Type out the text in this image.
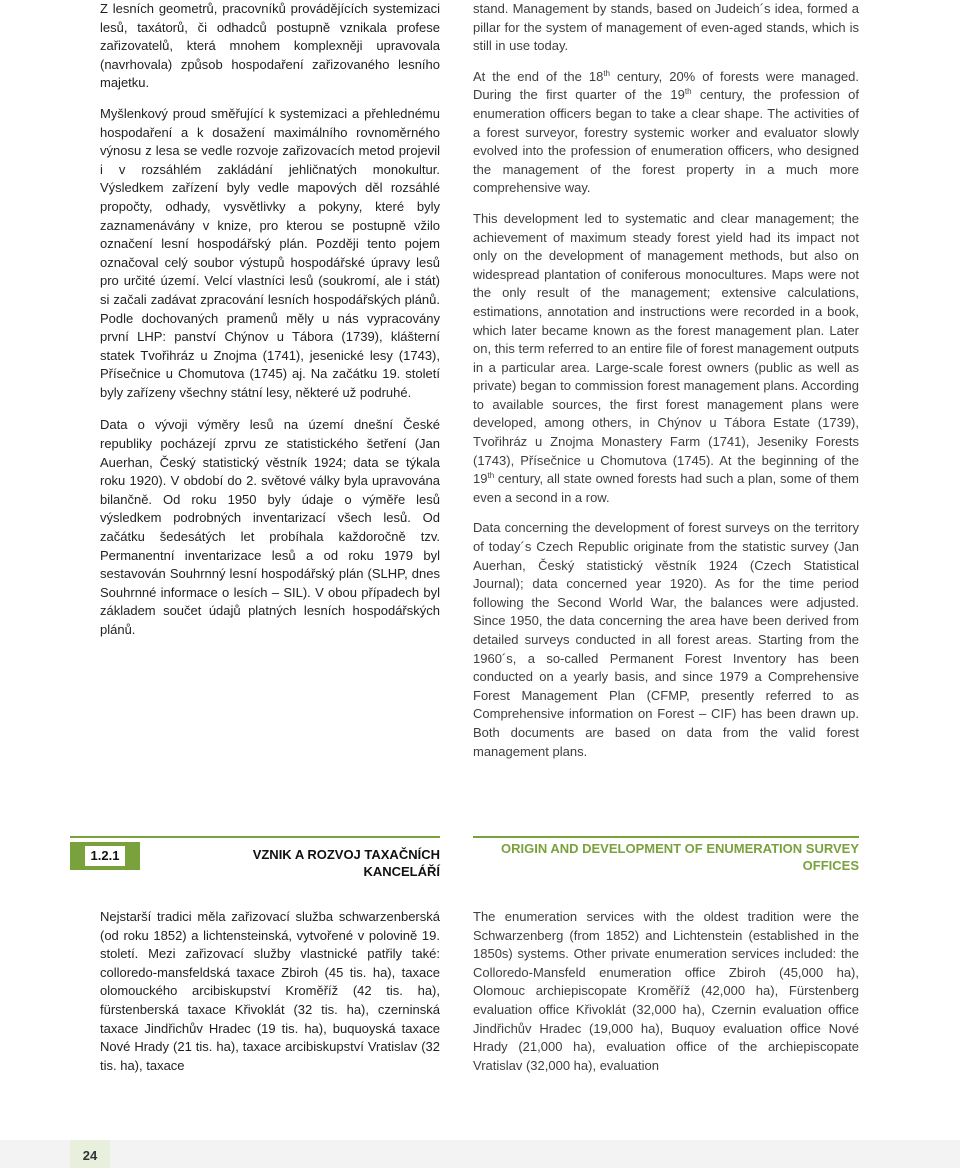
Z lesních geometrů, pracovníků provádějících systemizaci lesů, taxátorů, či odhadců postupně vznikala profese zařizovatelů, která mnohem komplexněji upravovala (navrhovala) způsob hospodaření zařizovaného lesního majetku.

Myšlenkový proud směřující k systemizaci a přehlednému hospodaření a k dosažení maximálního rovnoměrného výnosu z lesa se vedle rozvoje zařizovacích metod projevil i v rozsáhlém zakládání jehličnatých monokultur. Výsledkem zařízení byly vedle mapových děl rozsáhlé propočty, odhady, vysvětlivky a pokyny, které byly zaznamenávány v knize, pro kterou se postupně vžilo označení lesní hospodářský plán. Později tento pojem označoval celý soubor výstupů hospodářské úpravy lesů pro určité území. Velcí vlastníci lesů (soukromí, ale i stát) si začali zadávat zpracování lesních hospodářských plánů. Podle dochovaných pramenů měly u nás vypracovány první LHP: panství Chýnov u Tábora (1739), klášterní statek Tvořihráz u Znojma (1741), jesenické lesy (1743), Přísečnice u Chomutova (1745) aj. Na začátku 19. století byly zařízeny všechny státní lesy, některé už podruhé.

Data o vývoji výměry lesů na území dnešní České republiky pocházejí zprvu ze statistického šetření (Jan Auerhan, Český statistický věstník 1924; data se týkala roku 1920). V období do 2. světové války byla upravována bilančně. Od roku 1950 byly údaje o výměře lesů výsledkem podrobných inventarizací všech lesů. Od začátku šedesátých let probíhala každoročně tzv. Permanentní inventarizace lesů a od roku 1979 byl sestavován Souhrnný lesní hospodářský plán (SLHP, dnes Souhrnné informace o lesích – SIL). V obou případech byl základem součet údajů platných lesních hospodářských plánů.

stand. Management by stands, based on Judeich´s idea, formed a pillar for the system of management of even-aged stands, which is still in use today.

At the end of the 18th century, 20% of forests were managed. During the first quarter of the 19th century, the profession of enumeration officers began to take a clear shape. The activities of a forest surveyor, forestry systemic worker and evaluator slowly evolved into the profession of enumeration officers, who designed the management of the forest property in a much more comprehensive way.

This development led to systematic and clear management; the achievement of maximum steady forest yield had its impact not only on the development of management methods, but also on widespread plantation of coniferous monocultures. Maps were not the only result of the management; extensive calculations, estimations, annotation and instructions were recorded in a book, which later became known as the forest management plan. Later on, this term referred to an entire file of forest management outputs in a particular area. Large-scale forest owners (public as well as private) began to commission forest management plans. According to available sources, the first forest management plans were developed, among others, in Chýnov u Tábora Estate (1739), Tvořihráz u Znojma Monastery Farm (1741), Jeseniky Forests (1743), Přísečnice u Chomutova (1745). At the beginning of the 19th century, all state owned forests had such a plan, some of them even a second in a row.

Data concerning the development of forest surveys on the territory of today´s Czech Republic originate from the statistic survey (Jan Auerhan, Český statistický věstník 1924 (Czech Statistical Journal); data concerned year 1920). As for the time period following the Second World War, the balances were adjusted. Since 1950, the data concerning the area have been derived from detailed surveys conducted in all forest areas. Starting from the 1960´s, a so-called Permanent Forest Inventory has been conducted on a yearly basis, and since 1979 a Comprehensive Forest Management Plan (CFMP, presently referred to as Comprehensive information on Forest – CIF) has been drawn up. Both documents are based on data from the valid forest management plans.

1.2.1	VZNIK A ROZVOJ TAXAČNÍCH KANCELÁŘÍ
ORIGIN AND DEVELOPMENT OF ENUMERATION SURVEY OFFICES
Nejstarší tradici měla zařizovací služba schwarzenberská (od roku 1852) a lichtensteinská, vytvořené v polovině 19. století. Mezi zařizovací služby vlastnické patřily také: colloredo-mansfeldská taxace Zbiroh (45 tis. ha), taxace olomouckého arcibiskupství Kroměříž (42 tis. ha), fürstenberská taxace Křivoklát (32 tis. ha), czerninská taxace Jindřichův Hradec (19 tis. ha), buquoyská taxace Nové Hrady (21 tis. ha), taxace arcibiskupství Vratislav (32 tis. ha), taxace
The enumeration services with the oldest tradition were the Schwarzenberg (from 1852) and Lichtenstein (established in the 1850s) systems. Other private enumeration services included: the Colloredo-Mansfeld enumeration office Zbiroh (45,000 ha), Olomouc archiepiscopate Kroměříž (42,000 ha), Fürstenberg evaluation office Křivoklát (32,000 ha), Czernin evaluation office Jindřichův Hradec (19,000 ha), Buquoy evaluation office Nové Hrady (21,000 ha), evaluation office of the archiepiscopate Vratislav (32,000 ha), evaluation
24
